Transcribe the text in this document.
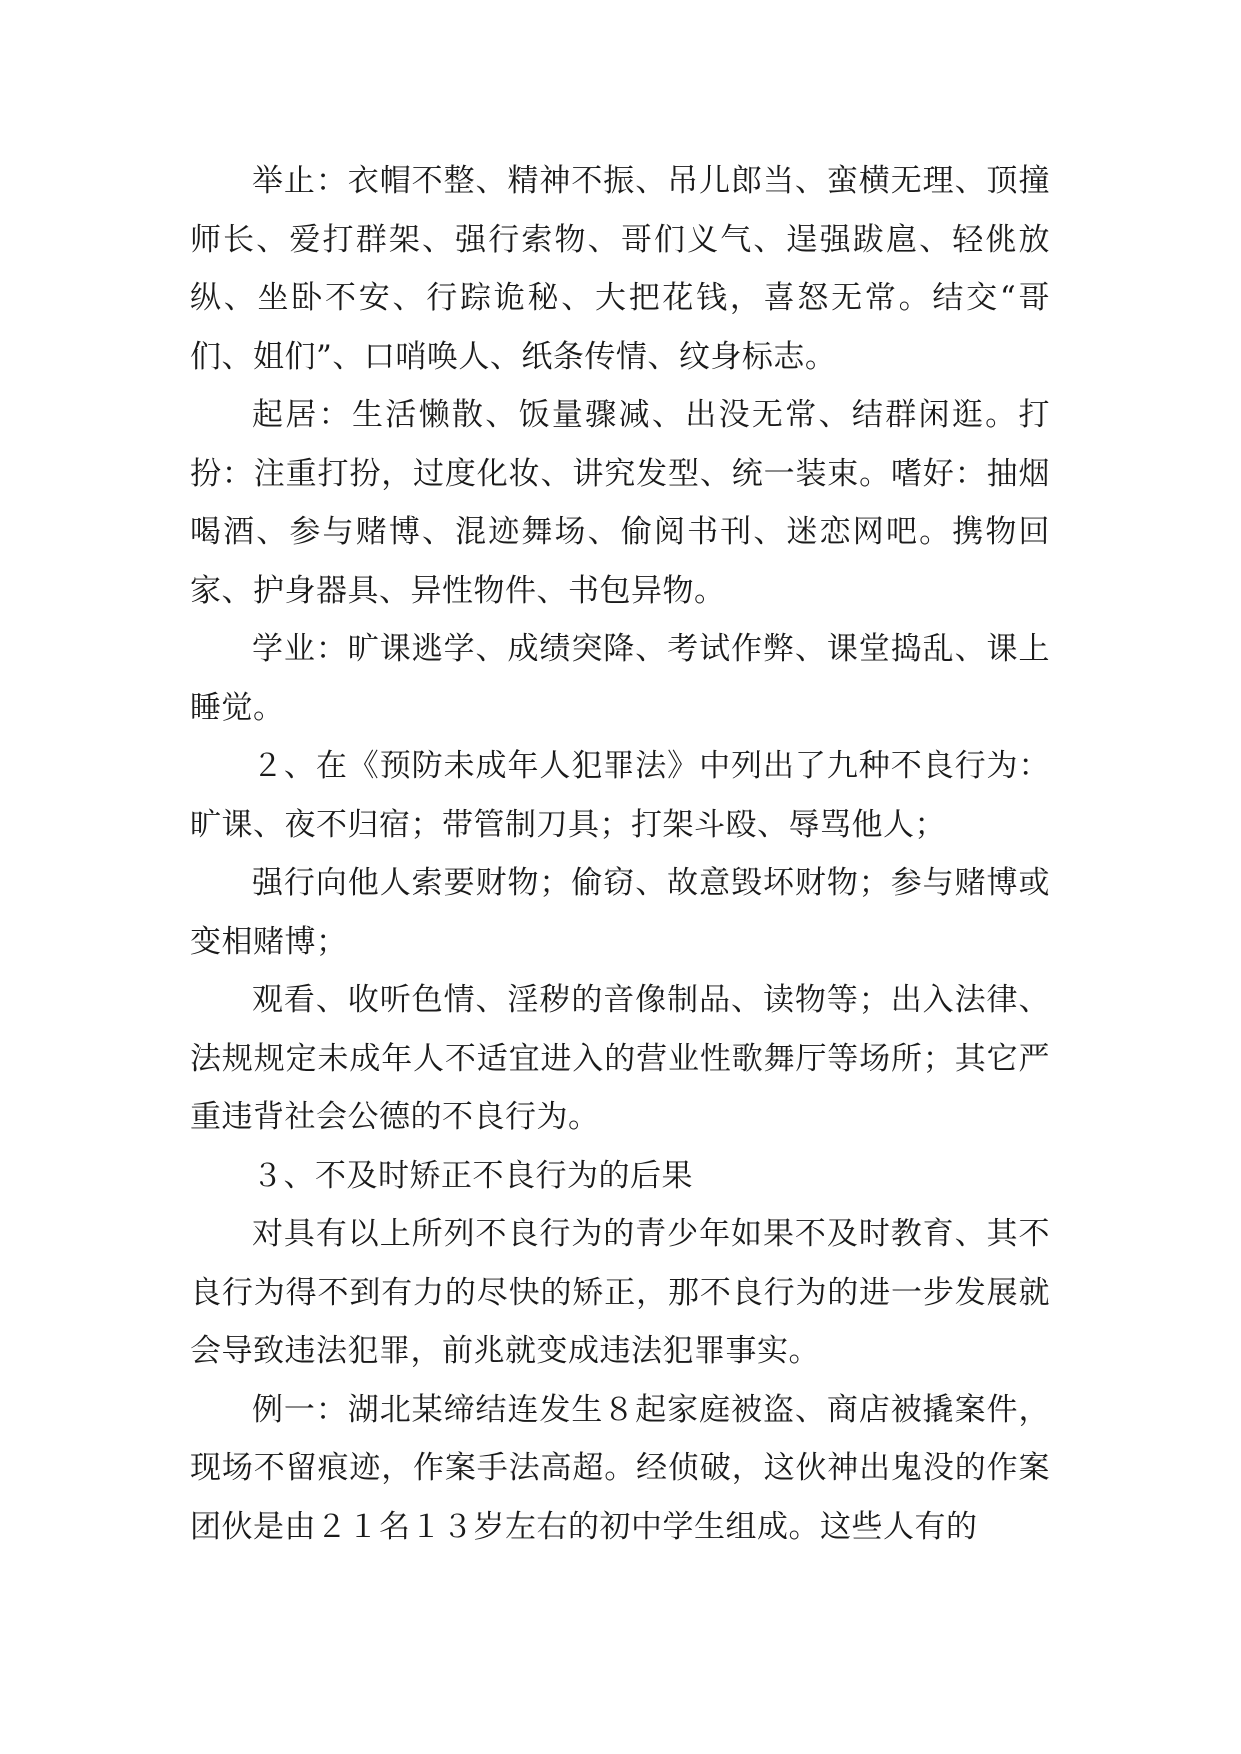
举止：衣帽不整、精神不振、吊儿郎当、蛮横无理、顶撞师长、爱打群架、强行索物、哥们义气、逞强跋扈、轻佻放纵、坐卧不安、行踪诡秘、大把花钱，喜怒无常。结交“哥们、姐们”、口哨唤人、纸条传情、纹身标志。

起居：生活懒散、饭量骤减、出没无常、结群闲逛。打扮：注重打扮，过度化妆、讲究发型、统一装束。嗜好：抽烟喝酒、参与赌博、混迹舞场、偷阅书刊、迷恋网吧。携物回家、护身器具、异性物件、书包异物。

学业：旷课逃学、成绩突降、考试作弊、课堂捣乱、课上睡觉。

２、在《预防未成年人犯罪法》中列出了九种不良行为：旷课、夜不归宿；带管制刀具；打架斗殴、辱骂他人；

强行向他人索要财物；偷窃、故意毁坏财物；参与赌博或变相赌博；

观看、收听色情、淫秽的音像制品、读物等；出入法律、法规规定未成年人不适宜进入的营业性歌舞厅等场所；其它严重违背社会公德的不良行为。

３、不及时矫正不良行为的后果

对具有以上所列不良行为的青少年如果不及时教育、其不良行为得不到有力的尽快的矫正，那不良行为的进一步发展就会导致违法犯罪，前兆就变成违法犯罪事实。

例一：湖北某缔结连发生８起家庭被盗、商店被撬案件，现场不留痕迹，作案手法高超。经侦破，这伙神出鬼没的作案团伙是由２１名１３岁左右的初中学生组成。这些人有的
